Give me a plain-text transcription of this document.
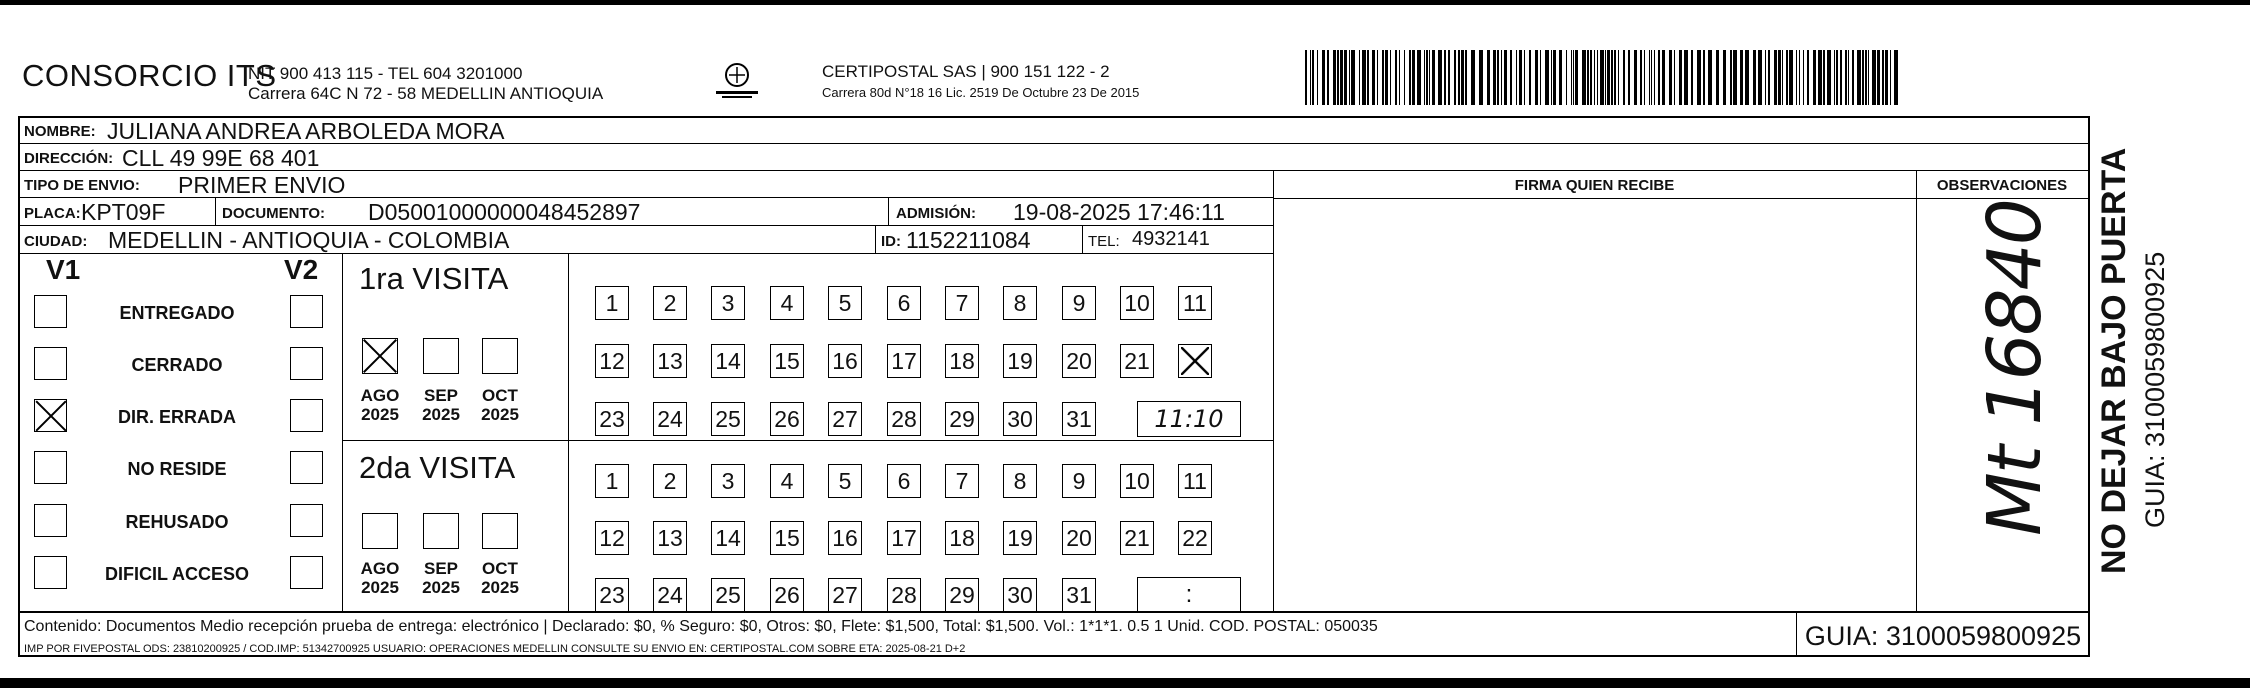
CONSORCIO ITS
NIT 900 413 115 - TEL 604 3201000
Carrera 64C N 72 - 58 MEDELLIN ANTIOQUIA
CERTIPOSTAL SAS | 900 151 122 - 2
Carrera 80d N°18 16 Lic. 2519 De Octubre 23 De 2015
NOMBRE: JULIANA ANDREA ARBOLEDA MORA
DIRECCIÓN: CLL 49 99E 68 401
TIPO DE ENVIO: PRIMER ENVIO
PLACA: KPT09F	DOCUMENTO: D05001000000048452897	ADMISIÓN: 19-08-2025 17:46:11
CIUDAD: MEDELLIN - ANTIOQUIA - COLOMBIA	ID: 1152211084	TEL: 4932141
FIRMA QUIEN RECIBE	OBSERVACIONES
Mt 16840
V1	V2
ENTREGADO
CERRADO
DIR. ERRADA
NO RESIDE
REHUSADO
DIFICIL ACCESO
1ra VISITA
AGO
2025
SEP
2025
OCT
2025
1	2	3	4	5	6	7	8	9	10 11
12 13 14 15 16 17 18 19 20 21
23 24 25 26 27 28 29 30 31	11:10
2da VISITA
AGO
2025
SEP
2025
OCT
2025
1	2	3	4	5	6	7	8	9	10 11
12 13 14 15 16 17 18 19 20 21 22
23 24 25 26 27 28 29 30 31	:
Contenido: Documentos Medio recepción prueba de entrega: electrónico | Declarado: $0, % Seguro: $0, Otros: $0, Flete: $1,500, Total: $1,500. Vol.: 1*1*1. 0.5 1 Unid. COD. POSTAL: 050035
IMP POR FIVEPOSTAL ODS: 23810200925 / COD.IMP: 51342700925 USUARIO: OPERACIONES MEDELLIN CONSULTE SU ENVIO EN: CERTIPOSTAL.COM SOBRE ETA: 2025-08-21 D+2	GUIA: 3100059800925
NO DEJAR BAJO PUERTA GUIA: 3100059800925
